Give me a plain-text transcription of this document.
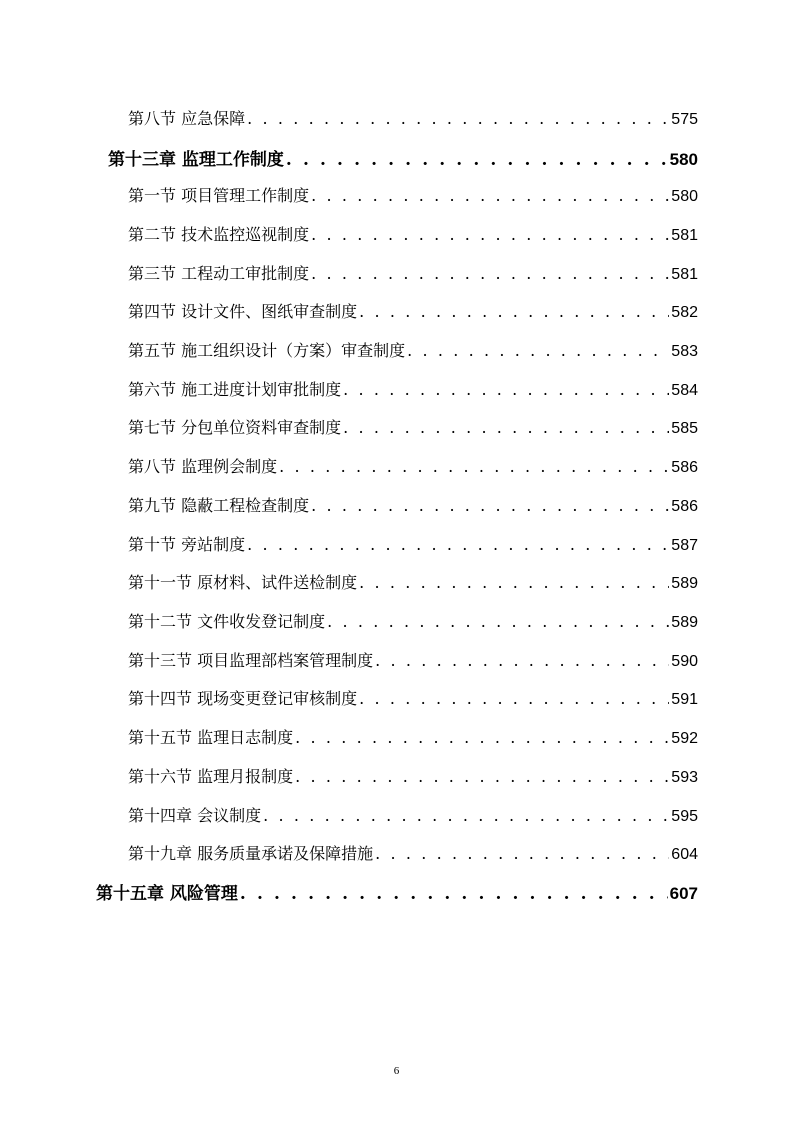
第八节 应急保障 . . .	575
第十三章 监理工作制度 . . .	580
第一节 项目管理工作制度 . . .	580
第二节 技术监控巡视制度 . . .	581
第三节 工程动工审批制度 . . .	581
第四节 设计文件、图纸审查制度 . . .	582
第五节 施工组织设计（方案）审查制度 . . .	583
第六节 施工进度计划审批制度 . . .	584
第七节 分包单位资料审查制度 . . .	585
第八节 监理例会制度 . . .	586
第九节 隐蔽工程检查制度 . . .	586
第十节 旁站制度 . . .	587
第十一节 原材料、试件送检制度 . . .	589
第十二节 文件收发登记制度 . . .	589
第十三节 项目监理部档案管理制度 . . .	590
第十四节 现场变更登记审核制度 . . .	591
第十五节 监理日志制度 . . .	592
第十六节 监理月报制度 . . .	593
第十四章 会议制度 . . .	595
第十九章 服务质量承诺及保障措施 . . .	604
第十五章 风险管理 . . .	607
6
